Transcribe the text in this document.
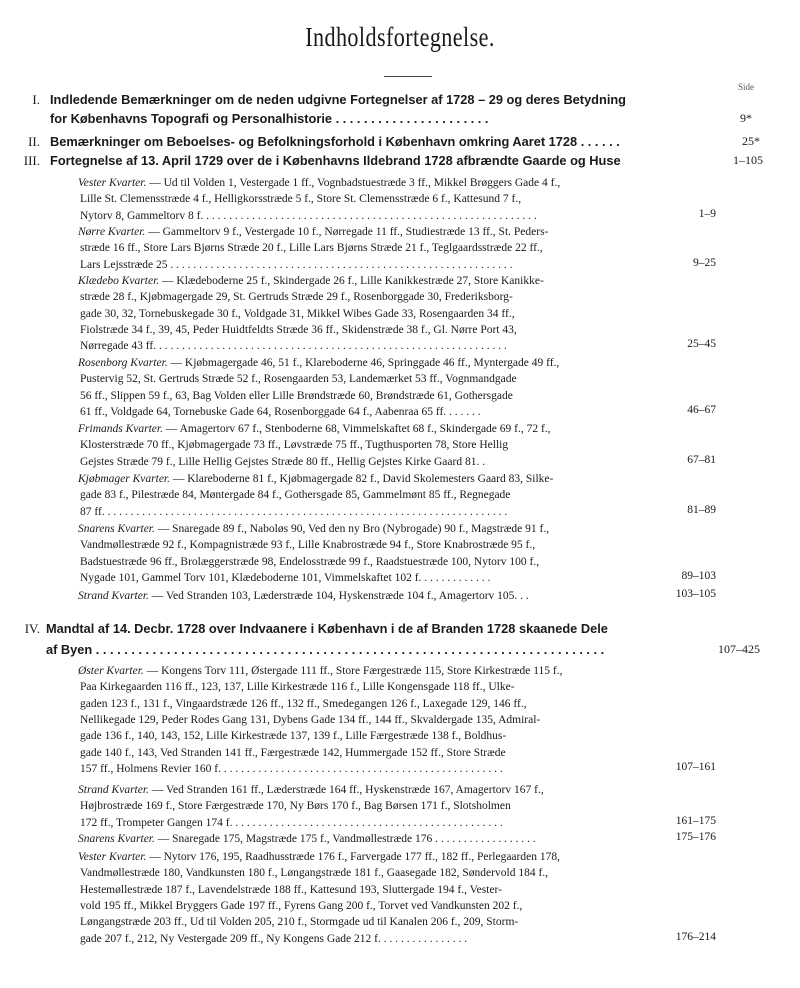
Indholdsfortegnelse.
Side
I. Indledende Bemærkninger om de neden udgivne Fortegnelser af 1728 – 29 og deres Betydning
for Københavns Topografi og Personalhistorie . . . . . . . . . . . . . . . . . . . . . .	9*
II. Bemærkninger om Beboelses- og Befolkningsforhold i København omkring Aaret 1728 . . . . . .	25*
III. Fortegnelse af 13. April 1729 over de i Københavns Ildebrand 1728 afbrændte Gaarde og Huse	1–105
IV. Mandtal af 14. Decbr. 1728 over Indvaanere i København i de af Branden 1728 skaanede Dele
af Byen . . . . . . . . . . . . . . . . . . . . . . . . . . . . . . . . . . . . . . . . . . . . . . . . . . . . . . . . . . . . . . . . . . . . . . . .	107–425
Vester Kvarter. — Ud til Volden 1, Vestergade 1 ff., Vognbadstuestræde 3 ff., Mikkel Brøggers Gade 4 f.,
Lille St. Clemensstræde 4 f., Helligkorsstræde 5 f., Store St. Clemensstræde 6 f., Kattesund 7 f.,
Nytorv 8, Gammeltorv 8 f. . . . . . . . . . . . . . . . . . . . . . . . . . . . . . . . . . . . . . . . . . . . . . . . . . . . . . . . . . .	1–9
Nørre Kvarter. — Gammeltorv 9 f., Vestergade 10 f., Nørregade 11 ff., Studiestræde 13 ff., St. Peders-
stræde 16 ff., Store Lars Bjørns Stræde 20 f., Lille Lars Bjørns Stræde 21 f., Teglgaardsstræde 22 ff.,
Lars Lejsstræde 25 . . . . . . . . . . . . . . . . . . . . . . . . . . . . . . . . . . . . . . . . . . . . . . . . . . . . . . . . . . . .	9–25
Klædebo Kvarter. — Klædeboderne 25 f., Skindergade 26 f., Lille Kanikkestræde 27, Store Kanikke-
stræde 28 f., Kjøbmagergade 29, St. Gertruds Stræde 29 f., Rosenborggade 30, Frederiksborg-
gade 30, 32, Tornebuskegade 30 f., Voldgade 31, Mikkel Wibes Gade 33, Rosengaarden 34 ff.,
Fiolstræde 34 f., 39, 45, Peder Huidtfeldts Stræde 36 ff., Skidenstræde 38 f., Gl. Nørre Port 43,
Nørregade 43 ff. . . . . . . . . . . . . . . . . . . . . . . . . . . . . . . . . . . . . . . . . . . . . . . . . . . . . . . . . . . . . .	25–45
Rosenborg Kvarter. — Kjøbmagergade 46, 51 f., Klareboderne 46, Springgade 46 ff., Myntergade 49 ff.,
Pustervig 52, St. Gertruds Stræde 52 f., Rosengaarden 53, Landemærket 53 ff., Vognmandgade
56 ff., Slippen 59 f., 63, Bag Volden eller Lille Brøndstræde 60, Brøndstræde 61, Gothersgade
61 ff., Voldgade 64, Tornebuske Gade 64, Rosenborggade 64 f., Aabenraa 65 ff. . . . . . .	46–67
Frimands Kvarter. — Amagertorv 67 f., Stenboderne 68, Vimmelskaftet 68 f., Skindergade 69 f., 72 f.,
Klosterstræde 70 ff., Kjøbmagergade 73 ff., Løvstræde 75 ff., Tugthusporten 78, Store Hellig
Gejstes Stræde 79 f., Lille Hellig Gejstes Stræde 80 ff., Hellig Gejstes Kirke Gaard 81. .	67–81
Kjøbmager Kvarter. — Klareboderne 81 f., Kjøbmagergade 82 f., David Skolemesters Gaard 83, Silke-
gade 83 f., Pilestræde 84, Møntergade 84 f., Gothersgade 85, Gammelmønt 85 ff., Regnegade
87 ff. . . . . . . . . . . . . . . . . . . . . . . . . . . . . . . . . . . . . . . . . . . . . . . . . . . . . . . . . . . . . . . . . . . . . . .	81–89
Snarens Kvarter. — Snaregade 89 f., Naboløs 90, Ved den ny Bro (Nybrogade) 90 f., Magstræde 91 f.,
Vandmøllestræde 92 f., Kompagnistræde 93 f., Lille Knabrostræde 94 f., Store Knabrostræde 95 f.,
Badstuestræde 96 ff., Brolæggerstræde 98, Endelosstræde 99 f., Raadstuestræde 100, Nytorv 100 f.,
Nygade 101, Gammel Torv 101, Klædeboderne 101, Vimmelskaftet 102 f. . . . . . . . . . . . .	89–103
Strand Kvarter. — Ved Stranden 103, Læderstræde 104, Hyskenstræde 104 f., Amagertorv 105. . .	103–105
Øster Kvarter. — Kongens Torv 111, Østergade 111 ff., Store Færgestræde 115, Store Kirkestræde 115 f.,
Paa Kirkegaarden 116 ff., 123, 137, Lille Kirkestræde 116 f., Lille Kongensgade 118 ff., Ulke-
gaden 123 f., 131 f., Vingaardstræde 126 ff., 132 ff., Smedegangen 126 f., Laxegade 129, 146 ff.,
Nellikegade 129, Peder Rodes Gang 131, Dybens Gade 134 ff., 144 ff., Skvaldergade 135, Admiral-
gade 136 f., 140, 143, 152, Lille Kirkestræde 137, 139 f., Lille Færgestræde 138 f., Boldhus-
gade 140 f., 143, Ved Stranden 141 ff., Færgestræde 142, Hummergade 152 ff., Store Stræde
157 ff., Holmens Revier 160 f. . . . . . . . . . . . . . . . . . . . . . . . . . . . . . . . . . . . . . . . . . . . . . . . . .	107–161
Strand Kvarter. — Ved Stranden 161 ff., Læderstræde 164 ff., Hyskenstræde 167, Amagertorv 167 f.,
Højbrostræde 169 f., Store Færgestræde 170, Ny Børs 170 f., Bag Børsen 171 f., Slotsholmen
172 ff., Trompeter Gangen 174 f. . . . . . . . . . . . . . . . . . . . . . . . . . . . . . . . . . . . . . . . . . . . . . . .	161–175
Snarens Kvarter. — Snaregade 175, Magstræde 175 f., Vandmøllestræde 176 . . . . . . . . . . . . . . . . . .	175–176
Vester Kvarter. — Nytorv 176, 195, Raadhusstræde 176 f., Farvergade 177 ff., 182 ff., Perlegaarden 178,
Vandmøllestræde 180, Vandkunsten 180 f., Løngangstræde 181 f., Gaasegade 182, Søndervold 184 f.,
Hestemøllestræde 187 f., Lavendelstræde 188 ff., Kattesund 193, Sluttergade 194 f., Vester-
vold 195 ff., Mikkel Bryggers Gade 197 ff., Fyrens Gang 200 f., Torvet ved Vandkunsten 202 f.,
Løngangstræde 203 ff., Ud til Volden 205, 210 f., Stormgade ud til Kanalen 206 f., 209, Storm-
gade 207 f., 212, Ny Vestergade 209 ff., Ny Kongens Gade 212 f. . . . . . . . . . . . . . . .	176–214
